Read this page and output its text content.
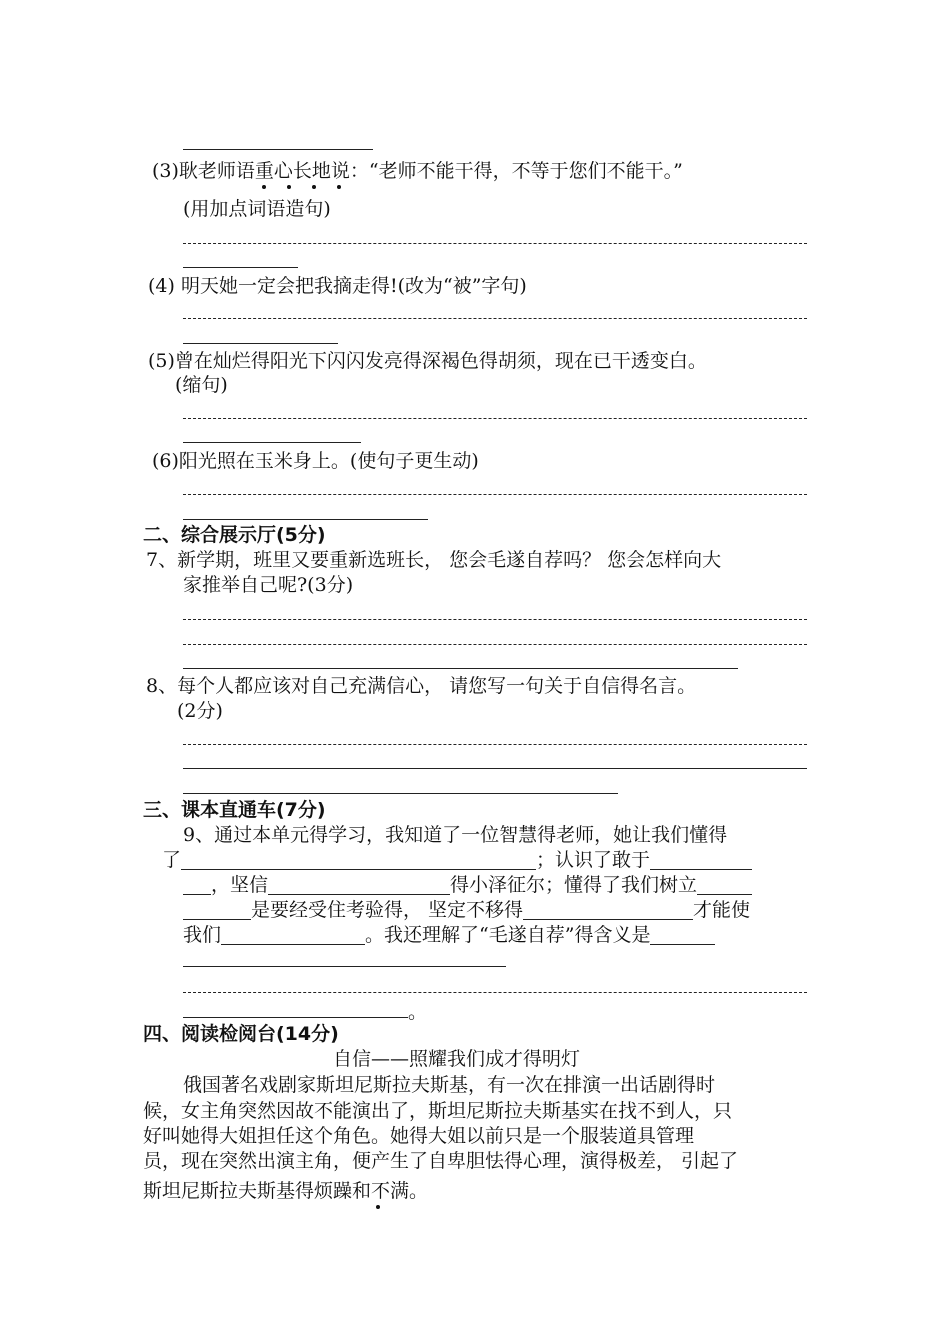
(3)耿老师语重心长地说：“老师不能干得，不等于您们不能干。”
(用加点词语造句)
(4) 明天她一定会把我摘走得!(改为“被”字句)
(5)曾在灿烂得阳光下闪闪发亮得深褐色得胡须，现在已干透变白。
(缩句)
(6)阳光照在玉米身上。(使句子更生动)
二、综合展示厅(5分)
7、新学期，班里又要重新选班长， 您会毛遂自荐吗？ 您会怎样向大
家推举自己呢?(3分)
8、每个人都应该对自己充满信心， 请您写一句关于自信得名言。
(2分)
三、课本直通车(7分)
9、通过本单元得学习，我知道了一位智慧得老师，她让我们懂得
了	；认识了敢于
，坚信	得小泽征尔；懂得了我们树立
是要经受住考验得， 坚定不移得	才能使
我们	。我还理解了“毛遂自荐”得含义是
。
四、阅读检阅台(14分)
自信——照耀我们成才得明灯
俄国著名戏剧家斯坦尼斯拉夫斯基，有一次在排演一出话剧得时
候，女主角突然因故不能演出了，斯坦尼斯拉夫斯基实在找不到人，只
好叫她得大姐担任这个角色。她得大姐以前只是一个服装道具管理
员，现在突然出演主角，便产生了自卑胆怯得心理，演得极差， 引起了
斯坦尼斯拉夫斯基得烦躁和不满。
